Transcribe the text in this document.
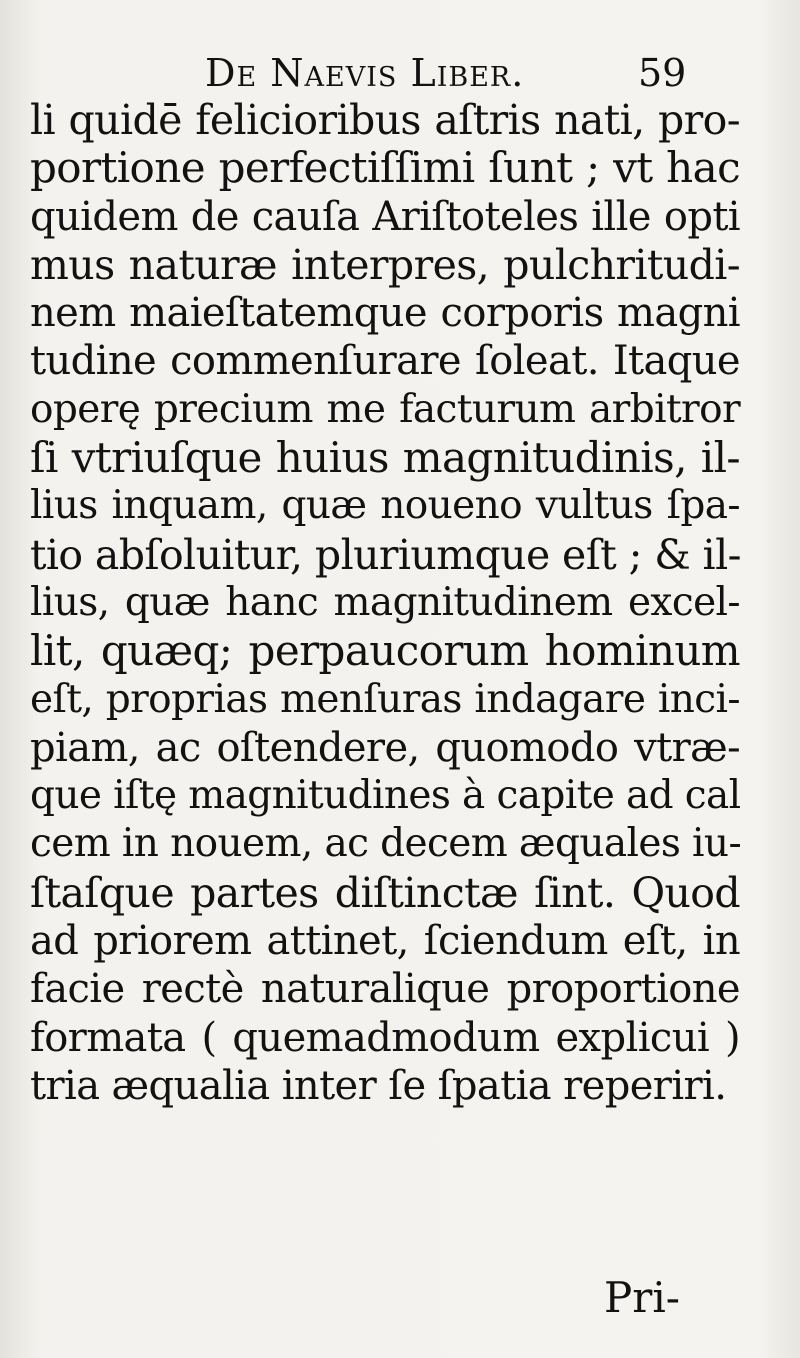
De Naevis Liber.	59
li quidē felicioribus aſtris nati, pro-
portione perfectiſſimi ſunt ; vt hac
quidem de cauſa Ariſtoteles ille opti
mus naturæ interpres, pulchritudi-
nem maieſtatemque corporis magni
tudine commenſurare ſoleat. Itaque
operę precium me facturum arbitror
ſi vtriuſque huius magnitudinis, il-
lius inquam, quæ noueno vultus ſpa-
tio abſoluitur, pluriumque eſt ; & il-
lius, quæ hanc magnitudinem excel-
lit, quæq; perpaucorum hominum
eſt, proprias menſuras indagare inci-
piam, ac oſtendere, quomodo vtræ-
que iſtę magnitudines à capite ad cal
cem in nouem, ac decem æquales iu-
ſtaſque partes diſtinctæ ſint. Quod
ad priorem attinet, ſciendum eſt, in
facie rectè naturalique proportione
formata ( quemadmodum explicui )
tria æqualia inter ſe ſpatia reperiri.
Pri-
